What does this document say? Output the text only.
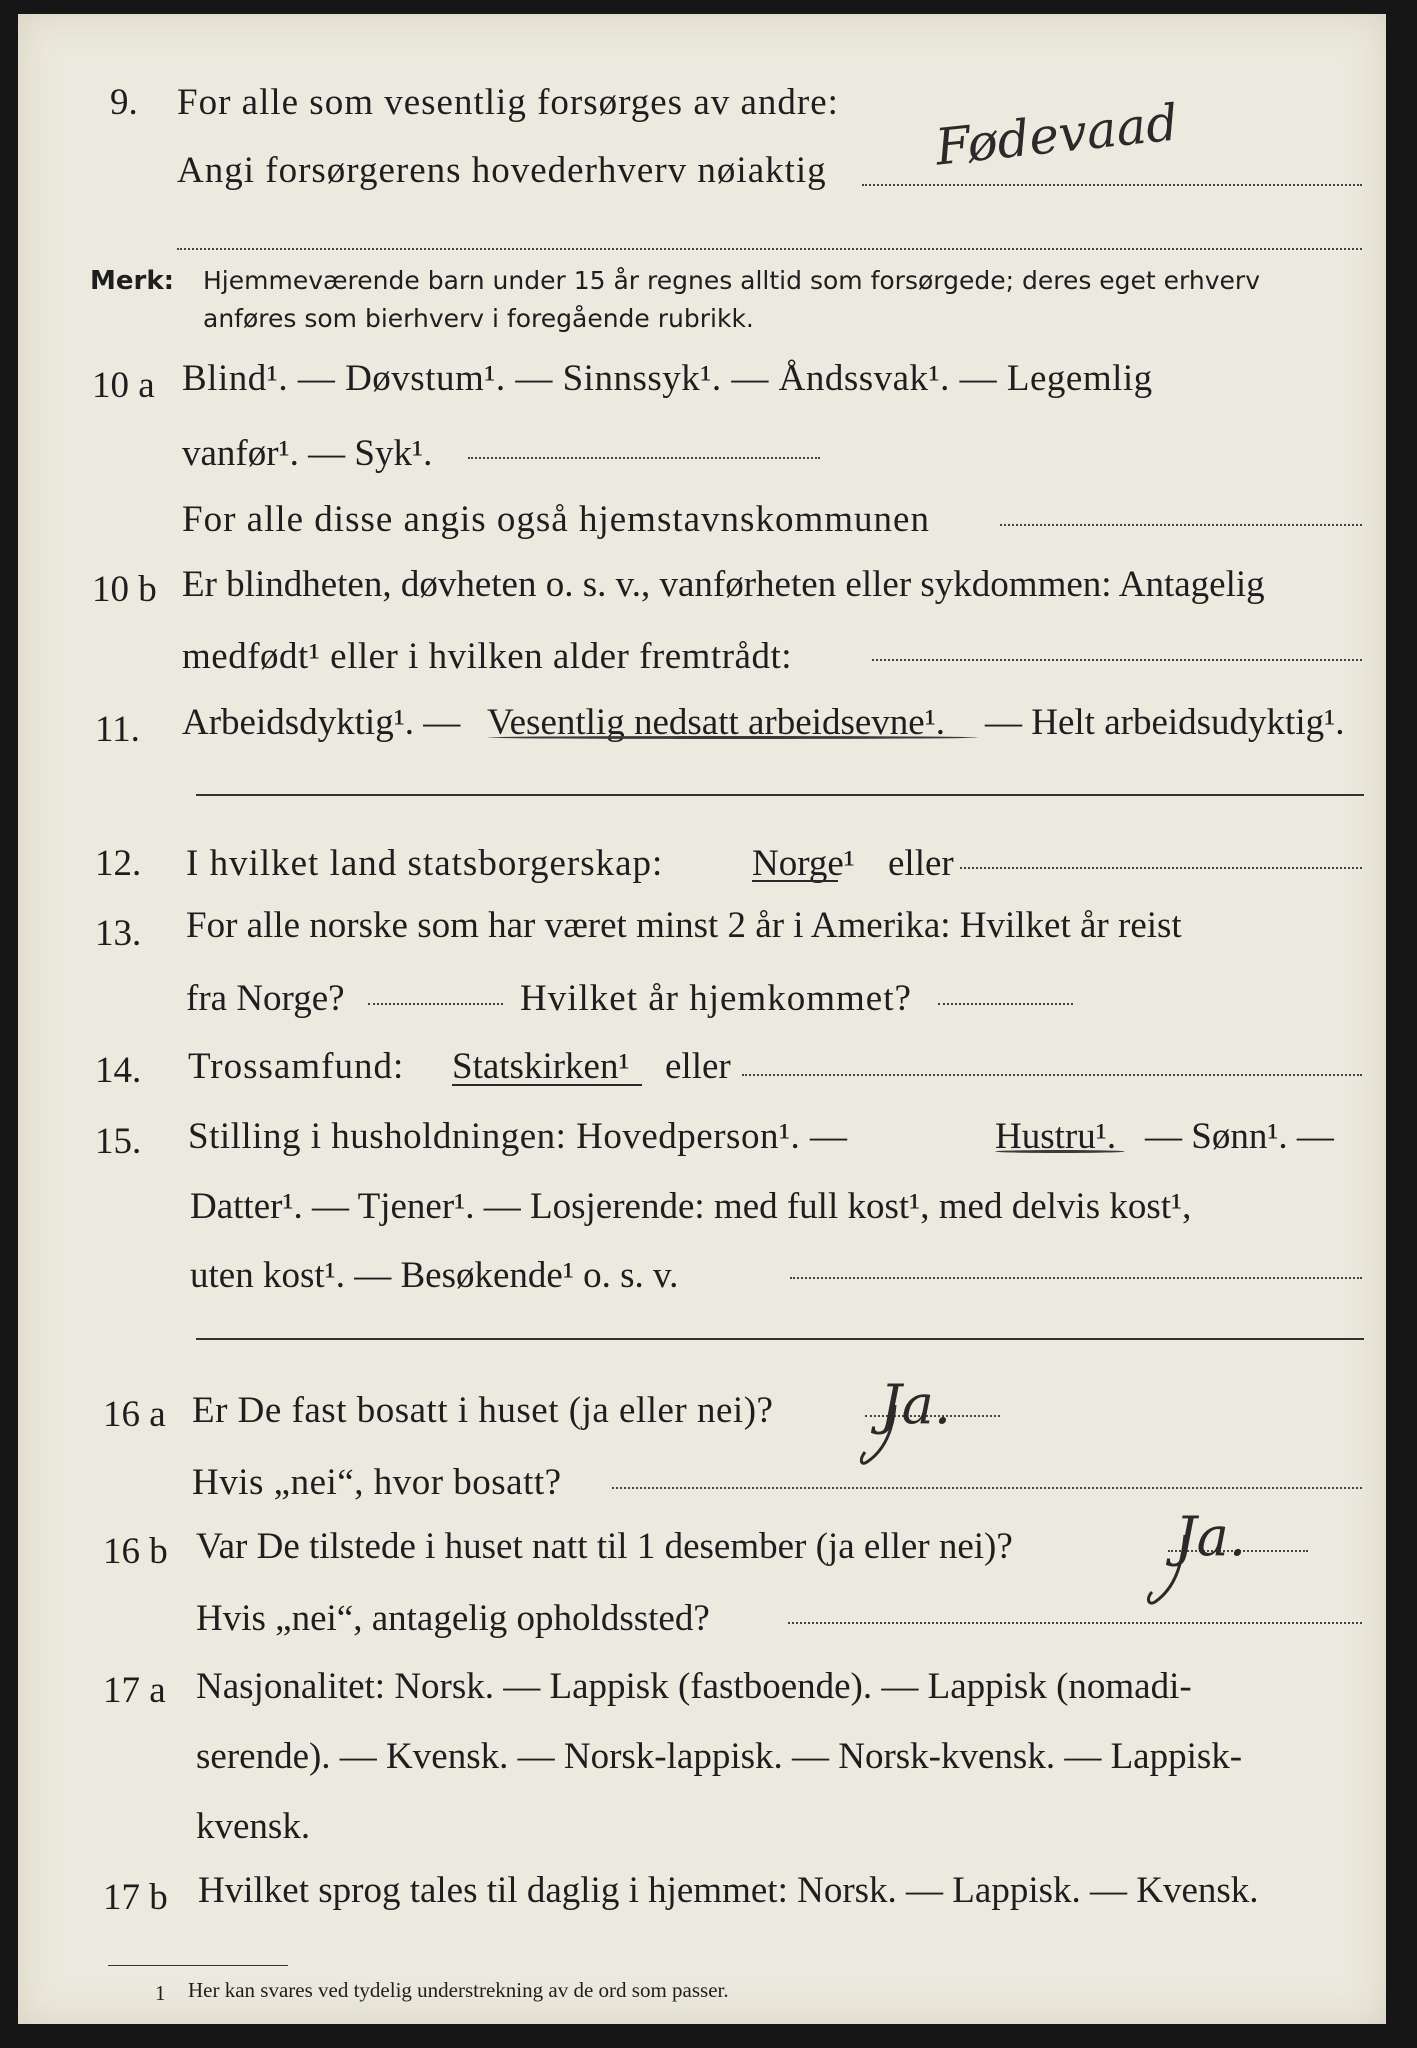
9. For alle som vesentlig forsørges av andre:
Angi forsørgerens hovederhverv nøiaktig Fødevaad
Merk: Hjemmeværende barn under 15 år regnes alltid som forsørgede; deres eget erhverv
anføres som bierhverv i foregående rubrikk.
10 a Blind¹. — Døvstum¹. — Sinnssyk¹. — Åndssvak¹. — Legemlig
vanfør¹. — Syk¹.
For alle disse angis også hjemstavnskommunen
10 b Er blindheten, døvheten o. s. v., vanførheten eller sykdommen: Antagelig
medfødt¹ eller i hvilken alder fremtrådt:
11. Arbeidsdyktig¹. — Vesentlig nedsatt arbeidsevne¹. — Helt arbeidsudyktig¹.
12. I hvilket land statsborgerskap: Norge¹ eller
13. For alle norske som har været minst 2 år i Amerika: Hvilket år reist
fra Norge?	Hvilket år hjemkommet?
14. Trossamfund: Statskirken¹ eller
15. Stilling i husholdningen: Hovedperson¹. —	Hustru¹. — Sønn¹. —
Datter¹. — Tjener¹. — Losjerende: med full kost¹, med delvis kost¹,
uten kost¹. — Besøkende¹ o. s. v.
16 a Er De fast bosatt i huset (ja eller nei)? Ja.
Hvis „nei“, hvor bosatt?
16 b Var De tilstede i huset natt til 1 desember (ja eller nei)?	Ja.
Hvis „nei“, antagelig opholdssted?
17 a Nasjonalitet: Norsk. — Lappisk (fastboende). — Lappisk (nomadi-
serende). — Kvensk. — Norsk-lappisk. — Norsk-kvensk. — Lappisk-
kvensk.
17 b Hvilket sprog tales til daglig i hjemmet: Norsk. — Lappisk. — Kvensk.
1 Her kan svares ved tydelig understrekning av de ord som passer.
